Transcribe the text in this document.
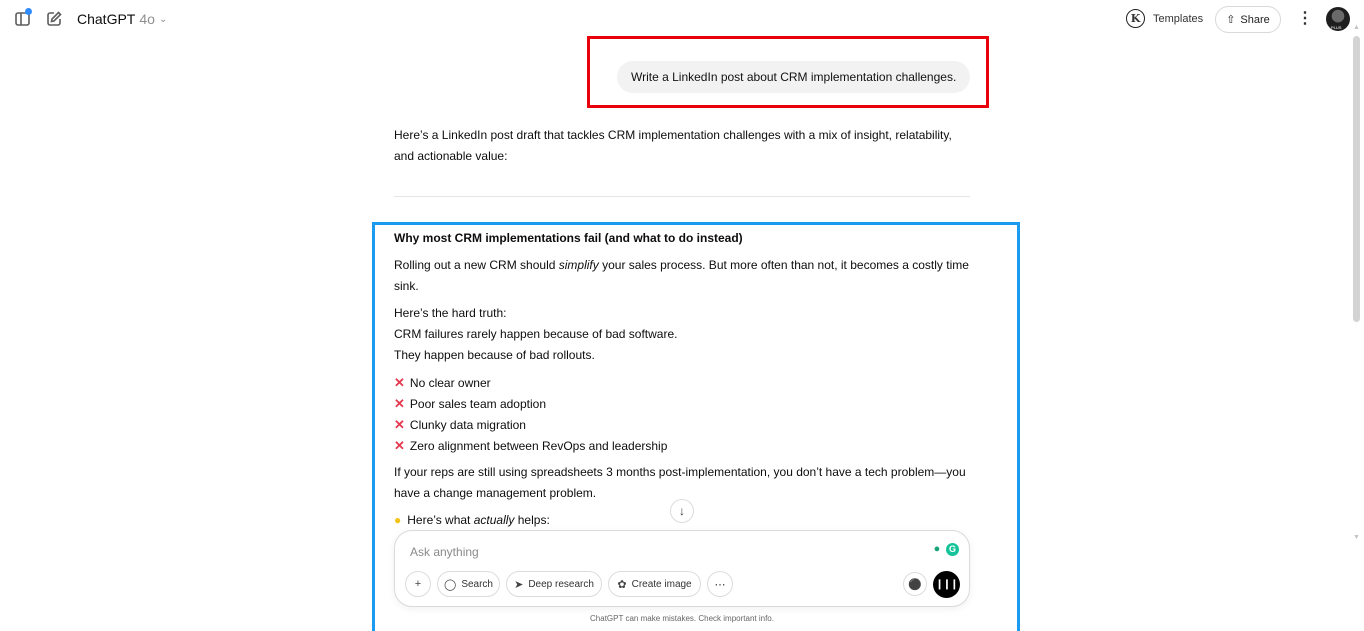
ChatGPT 4o ⌄	K	Templates ⇧ Share ⋮
PLUS ▲
▼
Write a LinkedIn post about CRM implementation challenges.
Here’s a LinkedIn post draft that tackles CRM implementation challenges with a mix of insight, relatability, and actionable value:
Why most CRM implementations fail (and what to do instead)
Rolling out a new CRM should simplify your sales process. But more often than not, it becomes a costly time sink.
Here’s the hard truth:
CRM failures rarely happen because of bad software.
They happen because of bad rollouts.
✕ No clear owner
✕ Poor sales team adoption
✕ Clunky data migration
✕ Zero alignment between RevOps and leadership
If your reps are still using spreadsheets 3 months post-implementation, you don’t have a tech problem—you have a change management problem.
● Here’s what actually helps:
↓
Ask anything	● G
+ ◯ Search ➤ Deep research ✿ Create image ⋯	⚫ ❙❙❙
ChatGPT can make mistakes. Check important info.
